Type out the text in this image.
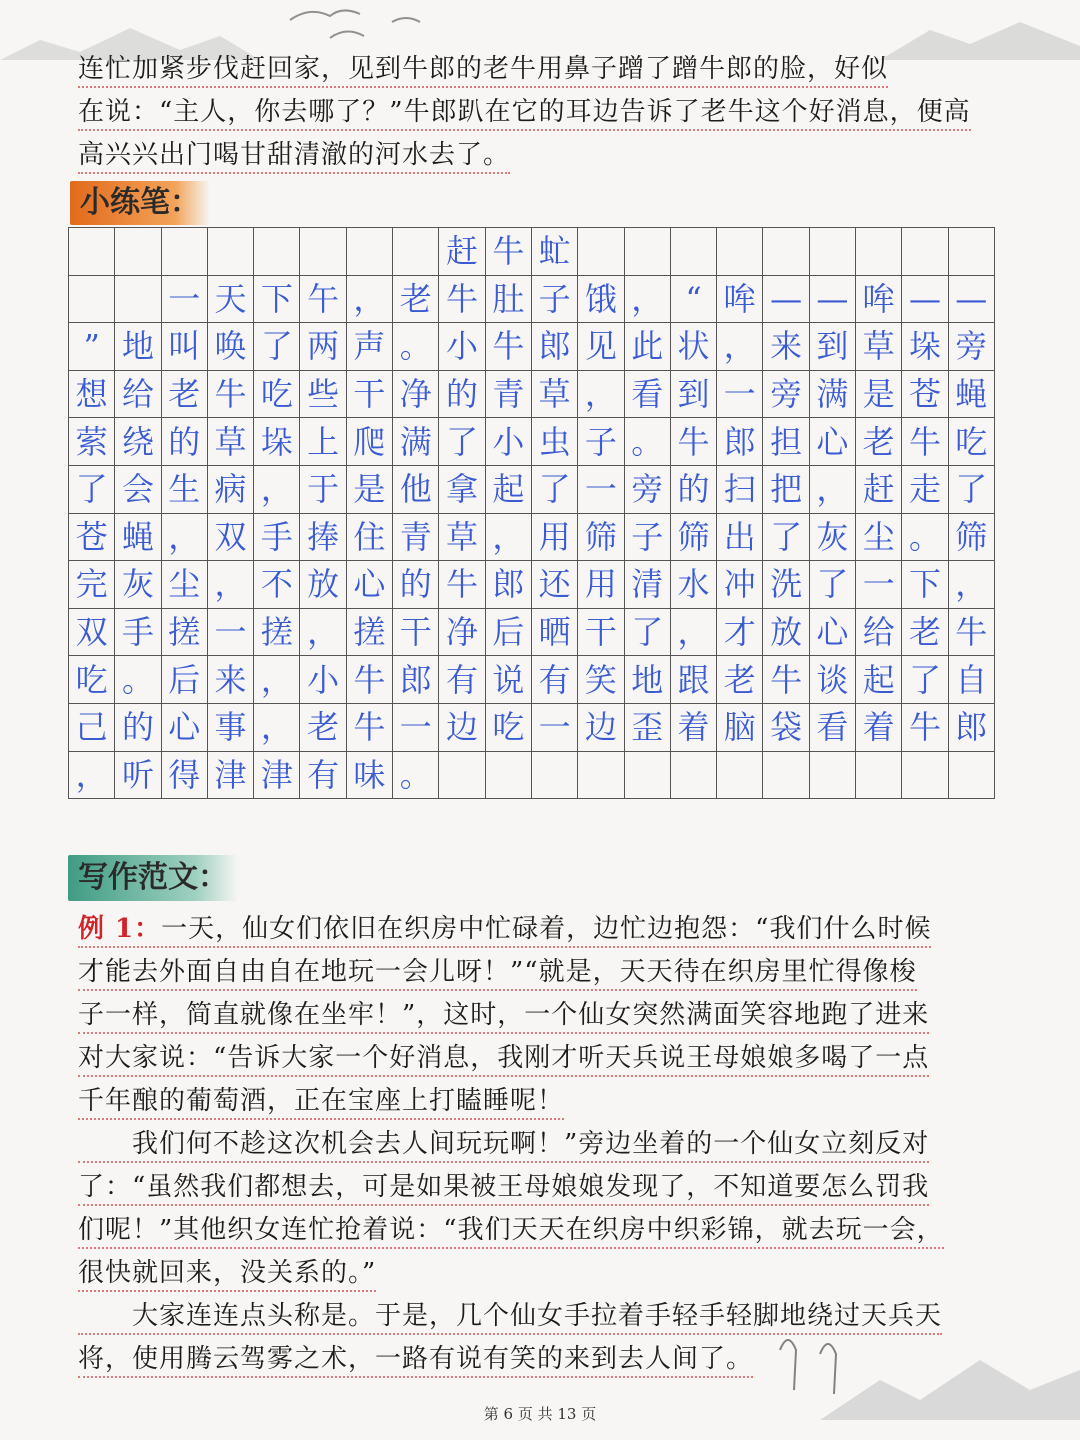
连忙加紧步伐赶回家，见到牛郎的老牛用鼻子蹭了蹭牛郎的脸，好似
在说：“主人，你去哪了？”牛郎趴在它的耳边告诉了老牛这个好消息，便高
高兴兴出门喝甘甜清澈的河水去了。
小练笔：
								赶	牛	虻									
		一	天	下	午	，	老	牛	肚	子	饿	，	“	哞	—	—	哞	—	—
”	地	叫	唤	了	两	声	。	小	牛	郎	见	此	状	，	来	到	草	垛	旁
想	给	老	牛	吃	些	干	净	的	青	草	，	看	到	一	旁	满	是	苍	蝇
萦	绕	的	草	垛	上	爬	满	了	小	虫	子	。	牛	郎	担	心	老	牛	吃
了	会	生	病	，	于	是	他	拿	起	了	一	旁	的	扫	把	，	赶	走	了
苍	蝇	，	双	手	捧	住	青	草	，	用	筛	子	筛	出	了	灰	尘	。	筛
完	灰	尘	，	不	放	心	的	牛	郎	还	用	清	水	冲	洗	了	一	下	，
双	手	搓	一	搓	，	搓	干	净	后	晒	干	了	，	才	放	心	给	老	牛
吃	。	后	来	，	小	牛	郎	有	说	有	笑	地	跟	老	牛	谈	起	了	自
己	的	心	事	，	老	牛	一	边	吃	一	边	歪	着	脑	袋	看	着	牛	郎
，	听	得	津	津	有	味	。												
写作范文：
例 1：一天，仙女们依旧在织房中忙碌着，边忙边抱怨：“我们什么时候
才能去外面自由自在地玩一会儿呀！”“就是，天天待在织房里忙得像梭
子一样，简直就像在坐牢！”，这时，一个仙女突然满面笑容地跑了进来
对大家说：“告诉大家一个好消息，我刚才听天兵说王母娘娘多喝了一点
千年酿的葡萄酒，正在宝座上打瞌睡呢！
　　我们何不趁这次机会去人间玩玩啊！”旁边坐着的一个仙女立刻反对
了：“虽然我们都想去，可是如果被王母娘娘发现了，不知道要怎么罚我
们呢！”其他织女连忙抢着说：“我们天天在织房中织彩锦，就去玩一会，
很快就回来，没关系的。”
　　大家连连点头称是。于是，几个仙女手拉着手轻手轻脚地绕过天兵天
将，使用腾云驾雾之术，一路有说有笑的来到去人间了。
第 6 页 共 13 页
